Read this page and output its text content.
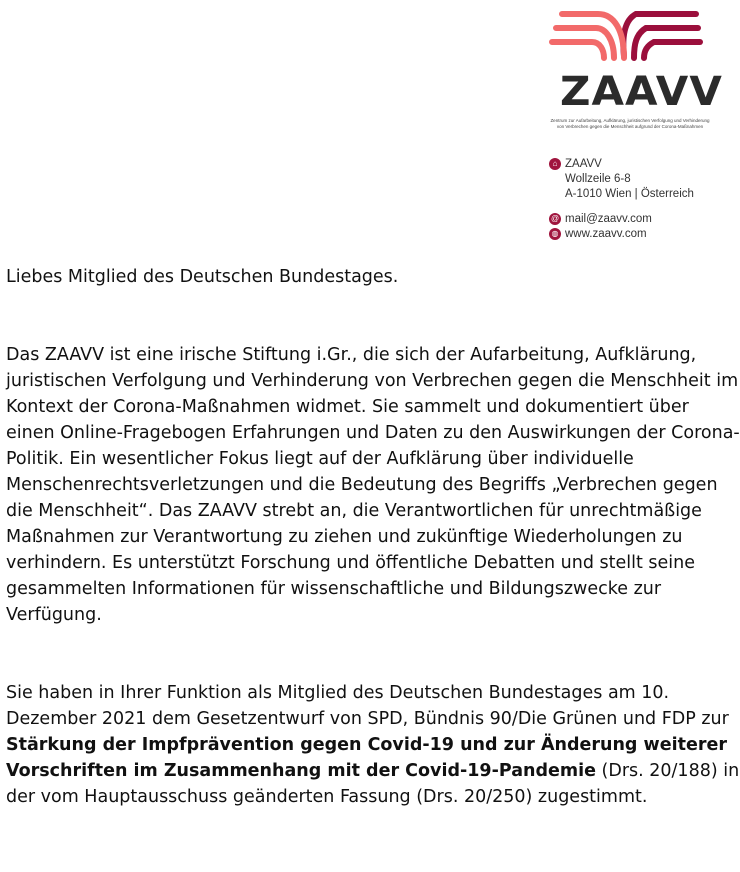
ZAAVV
Zentrum zur Aufarbeitung, Aufklärung, juristischen Verfolgung und Verhinderung von Verbrechen gegen die Menschheit aufgrund der Corona-Maßnahmen
⌂ ZAAVV
Wollzeile 6-8
A-1010 Wien | Österreich
@ mail@zaavv.com
◍ www.zaavv.com

Liebes Mitglied des Deutschen Bundestages.

Das ZAAVV ist eine irische Stiftung i.Gr., die sich der Aufarbeitung, Aufklärung, juristischen Verfolgung und Verhinderung von Verbrechen gegen die Menschheit im Kontext der Corona-Maßnahmen widmet. Sie sammelt und dokumentiert über einen Online-Fragebogen Erfahrungen und Daten zu den Auswirkungen der Corona-Politik. Ein wesentlicher Fokus liegt auf der Aufklärung über individuelle Menschenrechtsverletzungen und die Bedeutung des Begriffs „Verbrechen gegen die Menschheit“. Das ZAAVV strebt an, die Verantwortlichen für unrechtmäßige Maßnahmen zur Verantwortung zu ziehen und zukünftige Wiederholungen zu verhindern. Es unterstützt Forschung und öffentliche Debatten und stellt seine gesammelten Informationen für wissenschaftliche und Bildungszwecke zur Verfügung.

Sie haben in Ihrer Funktion als Mitglied des Deutschen Bundestages am 10. Dezember 2021 dem Gesetzentwurf von SPD, Bündnis 90/Die Grünen und FDP zur Stärkung der Impfprävention gegen Covid-19 und zur Änderung weiterer Vorschriften im Zusammenhang mit der Covid-19-Pandemie (Drs. 20/188) in der vom Hauptausschuss geänderten Fassung (Drs. 20/250) zugestimmt.
